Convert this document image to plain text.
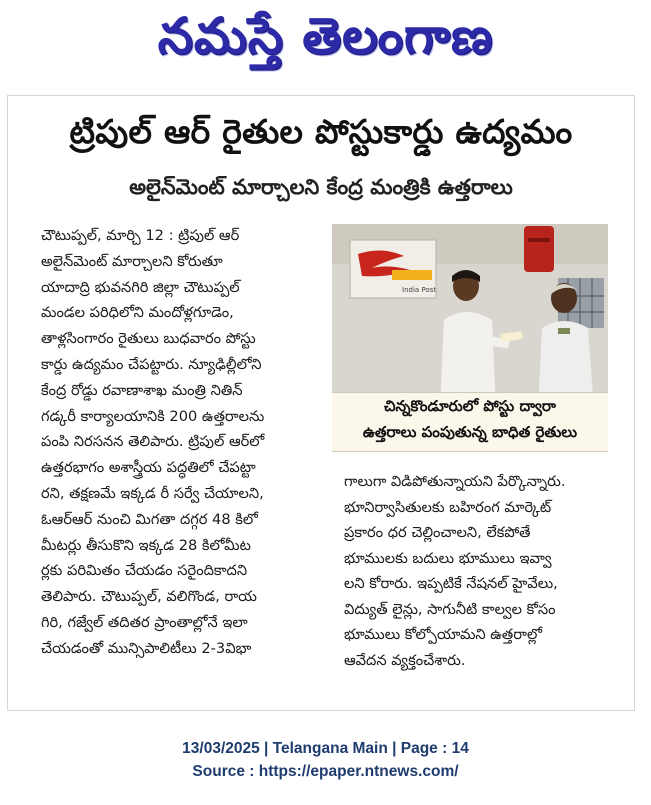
నమస్తే తెలంగాణ
ట్రిపుల్ ఆర్ రైతుల పోస్టుకార్డు ఉద్యమం
అలైన్‌మెంట్ మార్చాలని కేంద్ర మంత్రికి ఉత్తరాలు

చౌటుప్పల్, మార్చి 12 : ట్రిపుల్ ఆర్

అలైన్‌మెంట్ మార్చాలని కోరుతూ

యాదాద్రి భువనగిరి జిల్లా చౌటుప్పల్

మండల పరిధిలోని మందోళ్లగూడెం,

తాళ్లసింగారం రైతులు బుధవారం పోస్టు

కార్డు ఉద్యమం చేపట్టారు. న్యూఢిల్లీలోని

కేంద్ర రోడ్డు రవాణాశాఖ మంత్రి నితిన్

గడ్కరీ కార్యాలయానికి 200 ఉత్తరాలను

పంపి నిరసనన తెలిపారు. ట్రిపుల్ ఆర్‌లో

ఉత్తరభాగం అశాస్త్రీయ పద్ధతిలో చేపట్టా

రని, తక్షణమే ఇక్కడ రీ సర్వే చేయాలని,

ఓఆర్ఆర్ నుంచి మిగతా దగ్గర 48 కిలో

మీటర్లు తీసుకొని ఇక్కడ 28 కిలోమీట

ర్లకు పరిమితం చేయడం సరైందికాదని

తెలిపారు. చౌటుప్పల్, వలిగొండ, రాయ

గిరి, గజ్వేల్ తదితర ప్రాంతాల్లోనే ఇలా

చేయడంతో మున్సిపాలిటీలు 2-3విభా

India Post
చిన్నకొండూరులో పోస్టు ద్వారా
ఉత్తరాలు పంపుతున్న బాధిత రైతులు

గాలుగా విడిపోతున్నాయని పేర్కొన్నారు.

భూనిర్వాసితులకు బహిరంగ మార్కెట్

ప్రకారం ధర చెల్లించాలని, లేకపోతే

భూములకు బదులు భూములు ఇవ్వా

లని కోరారు. ఇప్పటికే నేషనల్ హైవేలు,

విద్యుత్ లైన్లు, సాగునీటి కాల్వల కోసం

భూములు కోల్పోయామని ఉత్తరాల్లో

ఆవేదన వ్యక్తంచేశారు.

13/03/2025 | Telangana Main | Page : 14
Source : https://epaper.ntnews.com/
